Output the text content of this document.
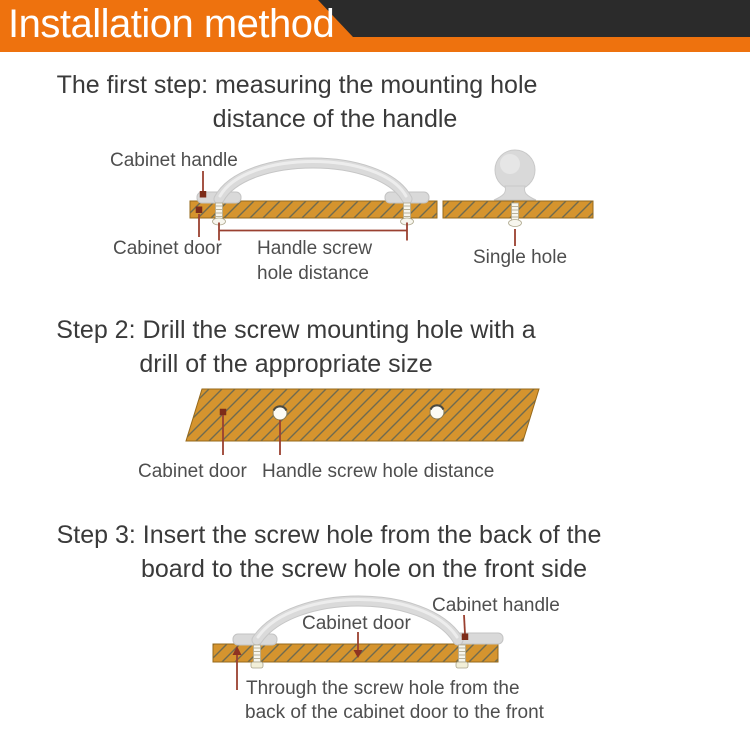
Installation method
The first step: measuring the mounting hole
distance of the handle
Step 2: Drill the screw mounting hole with a
drill of the appropriate size
Step 3: Insert the screw hole from the back of the
board to the screw hole on the front side
Cabinet handle
Cabinet door Handle screw
hole distance
Single hole
Cabinet door Handle screw hole distance
Cabinet door
Cabinet handle
Through the screw hole from the
back of the cabinet door to the front
